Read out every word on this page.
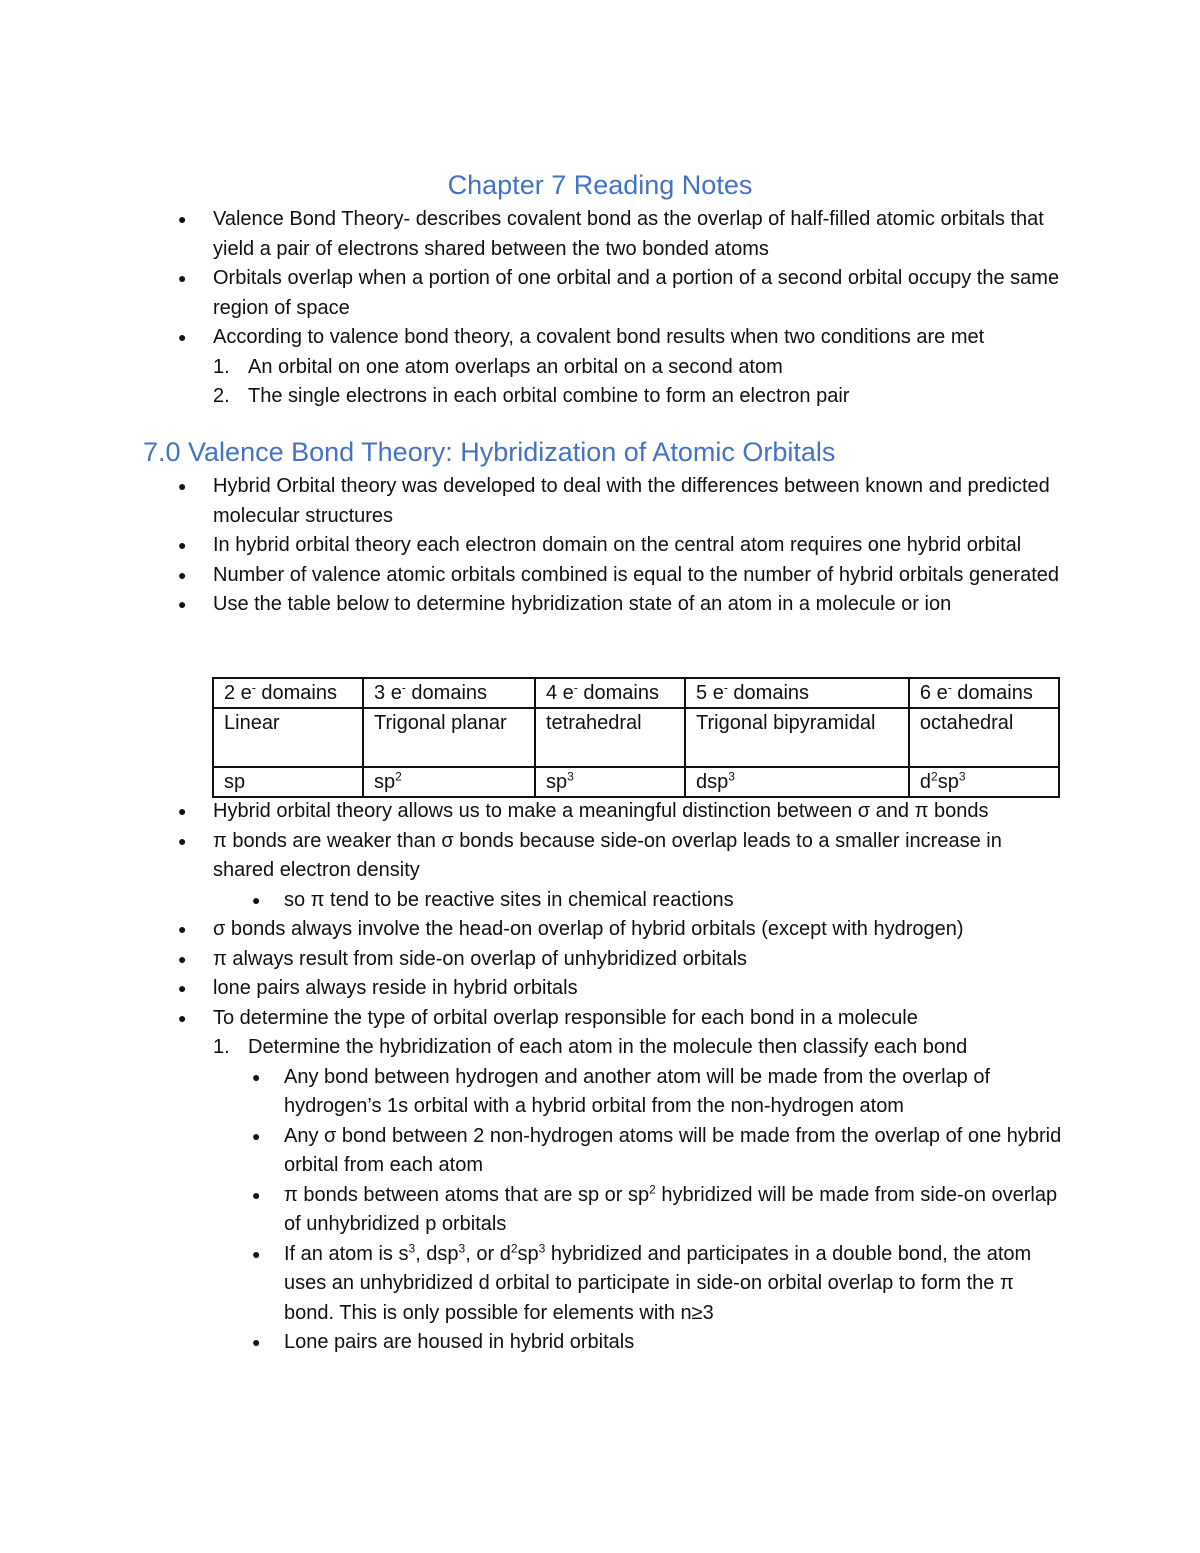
Chapter 7 Reading Notes
● Valence Bond Theory- describes covalent bond as the overlap of half-filled atomic orbitals that yield a pair of electrons shared between the two bonded atoms
● Orbitals overlap when a portion of one orbital and a portion of a second orbital occupy the same region of space
● According to valence bond theory, a covalent bond results when two conditions are met
1. An orbital on one atom overlaps an orbital on a second atom
2. The single electrons in each orbital combine to form an electron pair
7.0 Valence Bond Theory: Hybridization of Atomic Orbitals
● Hybrid Orbital theory was developed to deal with the differences between known and predicted molecular structures
● In hybrid orbital theory each electron domain on the central atom requires one hybrid orbital
● Number of valence atomic orbitals combined is equal to the number of hybrid orbitals generated
● Use the table below to determine hybridization state of an atom in a molecule or ion
2 e- domains	3 e- domains	4 e- domains	5 e- domains	6 e- domains
Linear	Trigonal planar	tetrahedral	Trigonal bipyramidal	octahedral
sp	$sp^2$	$sp^3$	dsp$^3$	$d^2sp^3$
● Hybrid orbital theory allows us to make a meaningful distinction between σ and π bonds
● π bonds are weaker than σ bonds because side-on overlap leads to a smaller increase in shared electron density
● so π tend to be reactive sites in chemical reactions
● σ bonds always involve the head-on overlap of hybrid orbitals (except with hydrogen)
● π always result from side-on overlap of unhybridized orbitals
● lone pairs always reside in hybrid orbitals
● To determine the type of orbital overlap responsible for each bond in a molecule
1. Determine the hybridization of each atom in the molecule then classify each bond
● Any bond between hydrogen and another atom will be made from the overlap of hydrogen’s 1s orbital with a hybrid orbital from the non-hydrogen atom
● Any σ bond between 2 non-hydrogen atoms will be made from the overlap of one hybrid orbital from each atom
● π bonds between atoms that are sp or $sp^2$ hybridized will be made from side-on overlap of unhybridized p orbitals
● If an atom is $s^3$, dsp$^3$, or $d^2sp^3$ hybridized and participates in a double bond, the atom uses an unhybridized d orbital to participate in side-on orbital overlap to form the π bond. This is only possible for elements with n≥3
● Lone pairs are housed in hybrid orbitals
